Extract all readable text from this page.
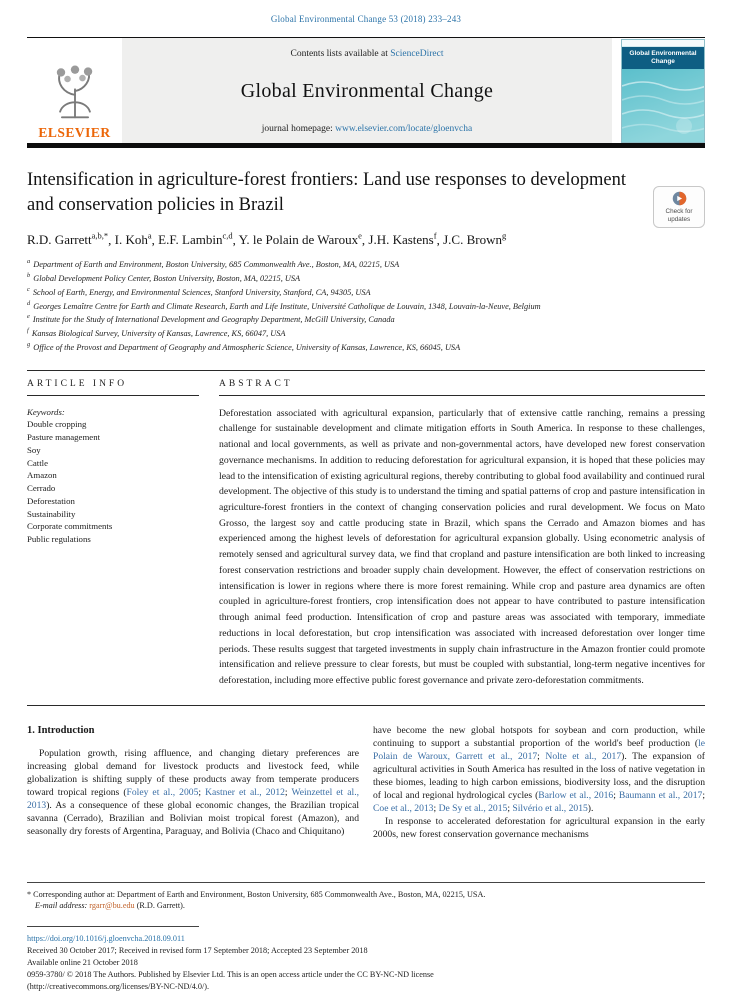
Global Environmental Change 53 (2018) 233–243
ELSEVIER
Contents lists available at ScienceDirect
Global Environmental Change
journal homepage: www.elsevier.com/locate/gloenvcha
Global Environmental Change
Intensification in agriculture-forest frontiers: Land use responses to development and conservation policies in Brazil	Check for
updates
R.D. Garrett$^{a,b,*}$, I. Koh$^a$, E.F. Lambin$^{c,d}$, Y. le Polain de Waroux$^e$, J.H. Kastens$^f$, J.C. Brown$^g$
$^a$ Department of Earth and Environment, Boston University, 685 Commonwealth Ave., Boston, MA, 02215, USA
$^b$ Global Development Policy Center, Boston University, Boston, MA, 02215, USA
$^c$ School of Earth, Energy, and Environmental Sciences, Stanford University, Stanford, CA, 94305, USA
$^d$ Georges Lemaître Centre for Earth and Climate Research, Earth and Life Institute, Université Catholique de Louvain, 1348, Louvain-la-Neuve, Belgium
$^e$ Institute for the Study of International Development and Geography Department, McGill University, Canada
$^f$ Kansas Biological Survey, University of Kansas, Lawrence, KS, 66047, USA
$^g$ Office of the Provost and Department of Geography and Atmospheric Science, University of Kansas, Lawrence, KS, 66045, USA
ARTICLE INFO
Keywords:
Double cropping
Pasture management
Soy
Cattle
Amazon
Cerrado
Deforestation
Sustainability
Corporate commitments
Public regulations
ABSTRACT
Deforestation associated with agricultural expansion, particularly that of extensive cattle ranching, remains a pressing challenge for sustainable development and climate mitigation efforts in South America. In response to these challenges, national and local governments, as well as private and non-governmental actors, have developed new forest conservation governance mechanisms. In addition to reducing deforestation for agricultural expansion, it is hoped that these policies may lead to the intensification of existing agricultural regions, thereby contributing to global food availability and continued rural development. The objective of this study is to understand the timing and spatial patterns of crop and pasture intensification in agriculture-forest frontiers in the context of changing conservation policies and rural development. We focus on Mato Grosso, the largest soy and cattle producing state in Brazil, which spans the Cerrado and Amazon biomes and has experienced among the highest levels of deforestation for agricultural expansion globally. Using econometric analysis of remotely sensed and agricultural survey data, we find that cropland and pasture intensification are both linked to increasing forest conservation restrictions and broader supply chain development. However, the effect of conservation restrictions on intensification is lower in regions where there is more forest remaining. While crop and pasture area dynamics are often coupled in agriculture-forest frontiers, crop intensification does not appear to have contributed to pasture intensification through animal feed production. Intensification of crop and pasture areas was associated with temporary, immediate reductions in local deforestation, but crop intensification was associated with increased deforestation over longer time periods. These results suggest that targeted investments in supply chain infrastructure in the Amazon frontier could promote intensification and relieve pressure to clear forests, but must be coupled with substantial, long-term negative incentives for deforestation, including more effective public forest governance and private zero-deforestation commitments.
1. Introduction

Population growth, rising affluence, and changing dietary preferences are increasing global demand for livestock products and livestock feed, while globalization is shifting supply of these products away from temperate producers toward tropical regions (Foley et al., 2005; Kastner et al., 2012; Weinzettel et al., 2013). As a consequence of these global economic changes, the Brazilian tropical savanna (Cerrado), Brazilian and Bolivian moist tropical forest (Amazon), and seasonally dry forests of Argentina, Paraguay, and Bolivia (Chaco and Chiquitano)

have become the new global hotspots for soybean and corn production, while continuing to support a substantial proportion of the world's beef production (le Polain de Waroux, Garrett et al., 2017; Nolte et al., 2017). The expansion of agricultural activities in South America has resulted in the loss of native vegetation in these biomes, leading to high carbon emissions, biodiversity loss, and the disruption of local and regional hydrological cycles (Barlow et al., 2016; Baumann et al., 2017; Coe et al., 2013; De Sy et al., 2015; Silvério et al., 2015).

In response to accelerated deforestation for agricultural expansion in the early 2000s, new forest conservation governance mechanisms

* Corresponding author at: Department of Earth and Environment, Boston University, 685 Commonwealth Ave., Boston, MA, 02215, USA.
E-mail address: rgarr@bu.edu (R.D. Garrett).
https://doi.org/10.1016/j.gloenvcha.2018.09.011
Received 30 October 2017; Received in revised form 17 September 2018; Accepted 23 September 2018
Available online 21 October 2018
0959-3780/ © 2018 The Authors. Published by Elsevier Ltd. This is an open access article under the CC BY-NC-ND license
(http://creativecommons.org/licenses/BY-NC-ND/4.0/).
